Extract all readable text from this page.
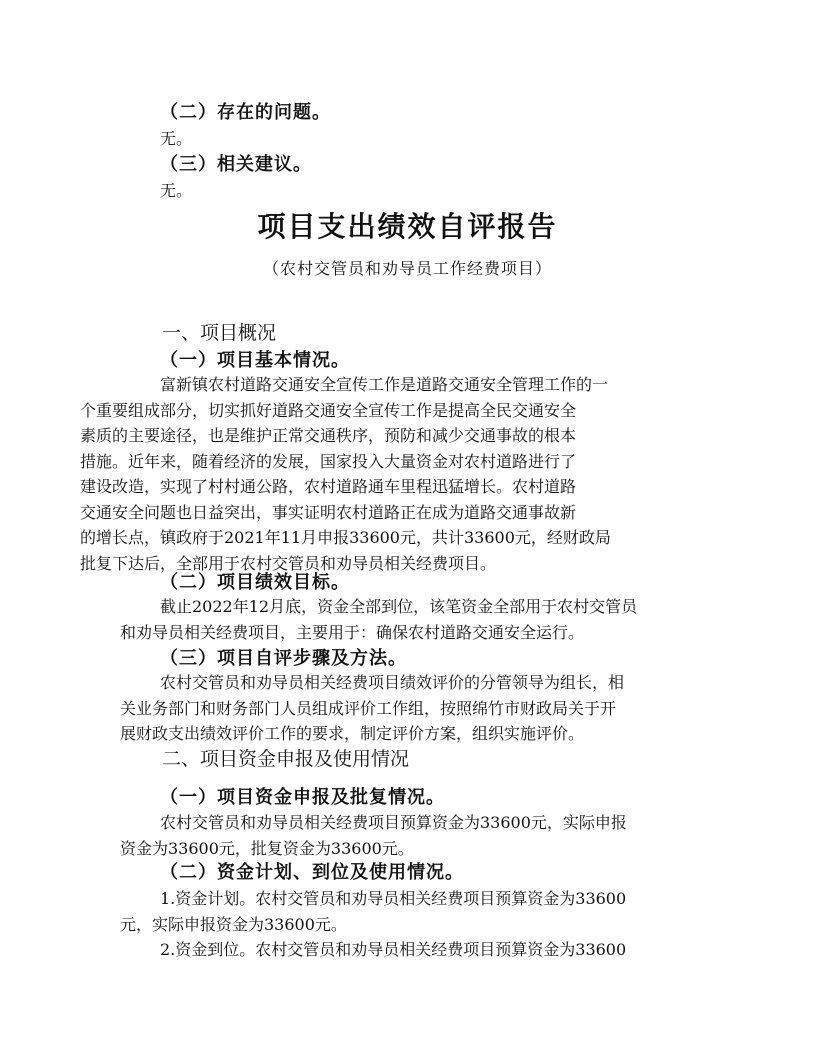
（二）存在的问题。
无。
（三）相关建议。
无。
项目支出绩效自评报告
（农村交管员和劝导员工作经费项目）
一、项目概况
（一）项目基本情况。
富新镇农村道路交通安全宣传工作是道路交通安全管理工作的一
个重要组成部分，切实抓好道路交通安全宣传工作是提高全民交通安全
素质的主要途径，也是维护正常交通秩序，预防和减少交通事故的根本
措施。近年来，随着经济的发展，国家投入大量资金对农村道路进行了
建设改造，实现了村村通公路，农村道路通车里程迅猛增长。农村道路
交通安全问题也日益突出，事实证明农村道路正在成为道路交通事故新
的增长点，镇政府于2021年11月申报33600元，共计33600元，经财政局
批复下达后，全部用于农村交管员和劝导员相关经费项目。
（二）项目绩效目标。
截止2022年12月底，资金全部到位，该笔资金全部用于农村交管员
和劝导员相关经费项目，主要用于：确保农村道路交通安全运行。
（三）项目自评步骤及方法。
农村交管员和劝导员相关经费项目绩效评价的分管领导为组长，相
关业务部门和财务部门人员组成评价工作组，按照绵竹市财政局关于开
展财政支出绩效评价工作的要求，制定评价方案，组织实施评价。
二、项目资金申报及使用情况
（一）项目资金申报及批复情况。
农村交管员和劝导员相关经费项目预算资金为33600元，实际申报
资金为33600元，批复资金为33600元。
（二）资金计划、到位及使用情况。
1.资金计划。农村交管员和劝导员相关经费项目预算资金为33600
元，实际申报资金为33600元。
2.资金到位。农村交管员和劝导员相关经费项目预算资金为33600
